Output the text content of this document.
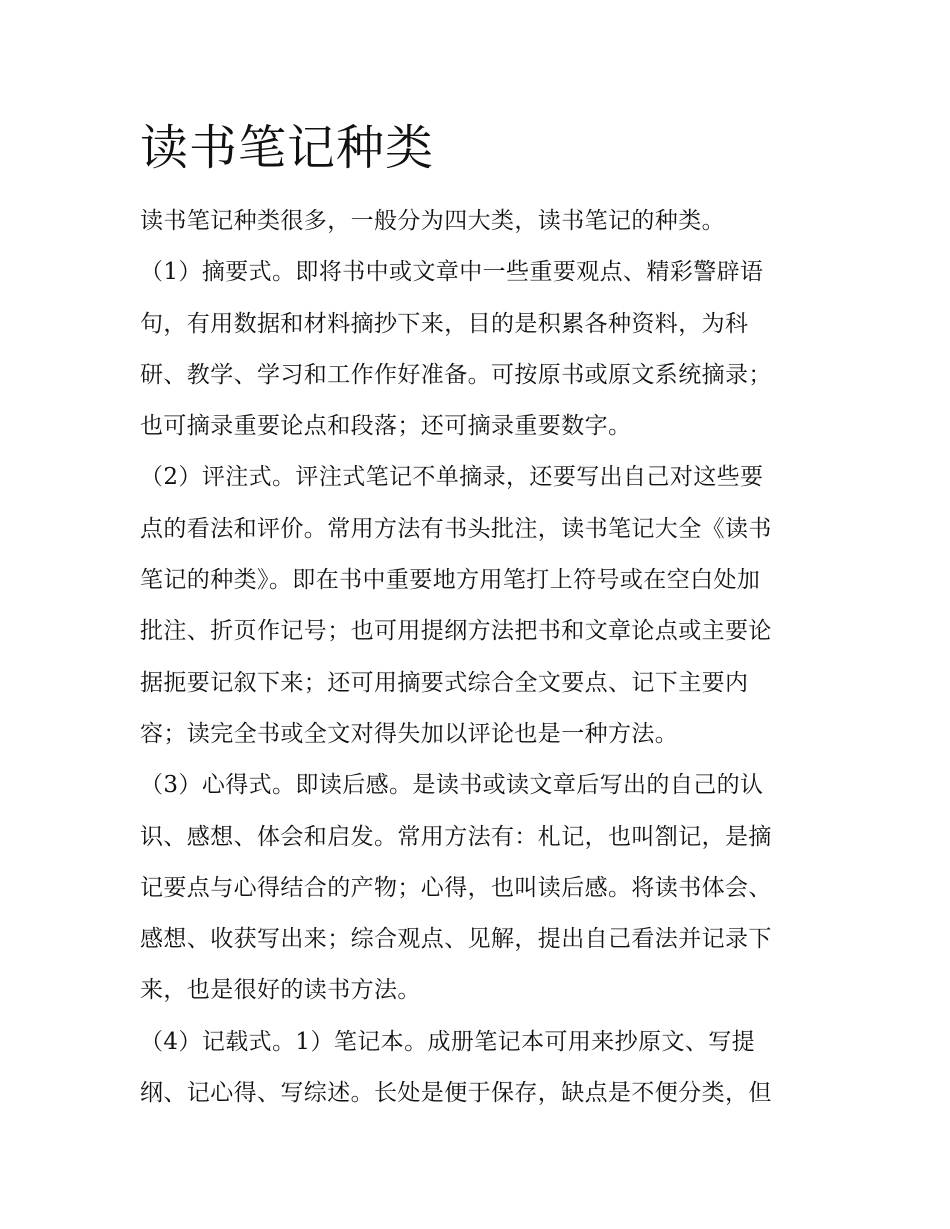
读书笔记种类
读书笔记种类很多，一般分为四大类，读书笔记的种类。
（1）摘要式。即将书中或文章中一些重要观点、精彩警辟语
句，有用数据和材料摘抄下来，目的是积累各种资料，为科
研、教学、学习和工作作好准备。可按原书或原文系统摘录；
也可摘录重要论点和段落；还可摘录重要数字。
（2）评注式。评注式笔记不单摘录，还要写出自己对这些要
点的看法和评价。常用方法有书头批注，读书笔记大全《读书
笔记的种类》。即在书中重要地方用笔打上符号或在空白处加
批注、折页作记号；也可用提纲方法把书和文章论点或主要论
据扼要记叙下来；还可用摘要式综合全文要点、记下主要内
容；读完全书或全文对得失加以评论也是一种方法。
（3）心得式。即读后感。是读书或读文章后写出的自己的认
识、感想、体会和启发。常用方法有：札记，也叫劄记，是摘
记要点与心得结合的产物；心得，也叫读后感。将读书体会、
感想、收获写出来；综合观点、见解，提出自己看法并记录下
来，也是很好的读书方法。
（4）记载式。1）笔记本。成册笔记本可用来抄原文、写提
纲、记心得、写综述。长处是便于保存，缺点是不便分类，但
